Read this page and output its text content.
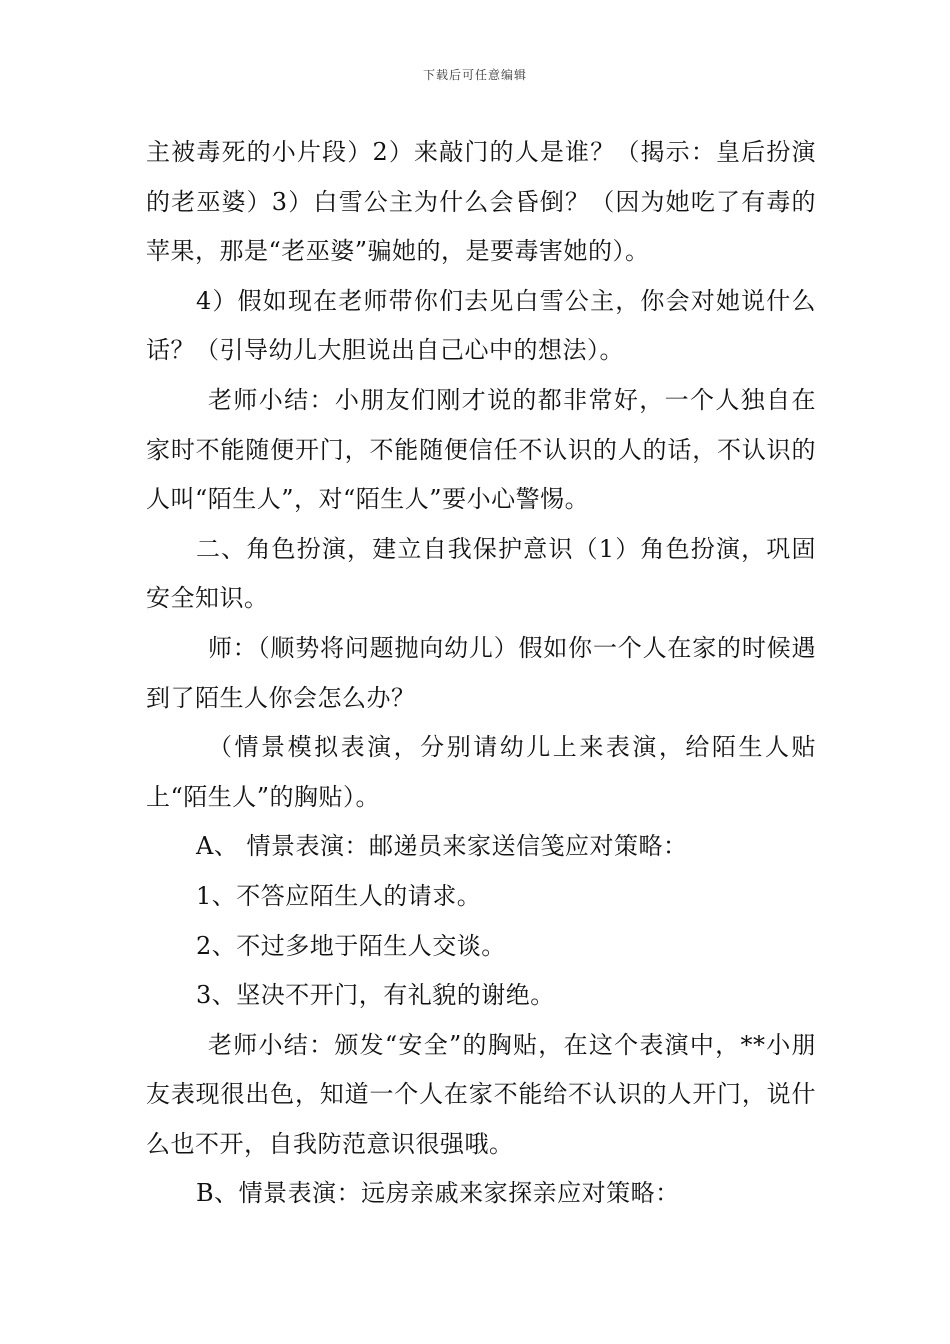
下载后可任意编辑

主被毒死的小片段）2）来敲门的人是谁？（揭示：皇后扮演的老巫婆）3）白雪公主为什么会昏倒？（因为她吃了有毒的苹果，那是“老巫婆”骗她的，是要毒害她的）。

4）假如现在老师带你们去见白雪公主，你会对她说什么话？（引导幼儿大胆说出自己心中的想法）。

老师小结：小朋友们刚才说的都非常好，一个人独自在家时不能随便开门，不能随便信任不认识的人的话，不认识的人叫“陌生人”，对“陌生人”要小心警惕。

二、角色扮演，建立自我保护意识（1）角色扮演，巩固安全知识。

师：（顺势将问题抛向幼儿）假如你一个人在家的时候遇到了陌生人你会怎么办？

（情景模拟表演，分别请幼儿上来表演，给陌生人贴上“陌生人”的胸贴）。

A、 情景表演：邮递员来家送信笺应对策略：

1、不答应陌生人的请求。

2、不过多地于陌生人交谈。

3、坚决不开门，有礼貌的谢绝。

老师小结：颁发“安全”的胸贴，在这个表演中，**小朋友表现很出色，知道一个人在家不能给不认识的人开门，说什么也不开，自我防范意识很强哦。

B、情景表演：远房亲戚来家探亲应对策略：
